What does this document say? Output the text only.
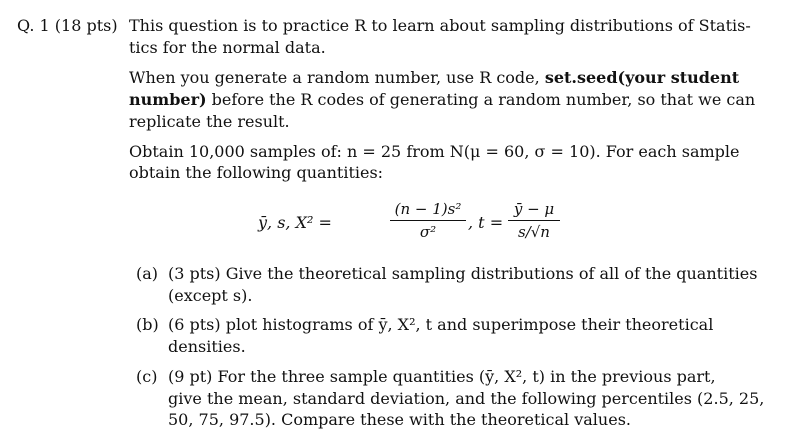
Q. 1 (18 pts) This question is to practice R to learn about sampling distributions of Statis-
tics for the normal data.
When you generate a random number, use R code, set.seed(your student
number) before the R codes of generating a random number, so that we can
replicate the result.
Obtain 10,000 samples of: n = 25 from N(μ = 60, σ = 10). For each sample
obtain the following quantities:
ȳ, s, X² =
(n − 1)s²
σ²	, t =
ȳ − μ
s/√n
(a) (3 pts) Give the theoretical sampling distributions of all of the quantities
(except s).
(b) (6 pts) plot histograms of ȳ, X², t and superimpose their theoretical
densities.
(c) (9 pt) For the three sample quantities (ȳ, X², t) in the previous part,
give the mean, standard deviation, and the following percentiles (2.5, 25,
50, 75, 97.5). Compare these with the theoretical values.
